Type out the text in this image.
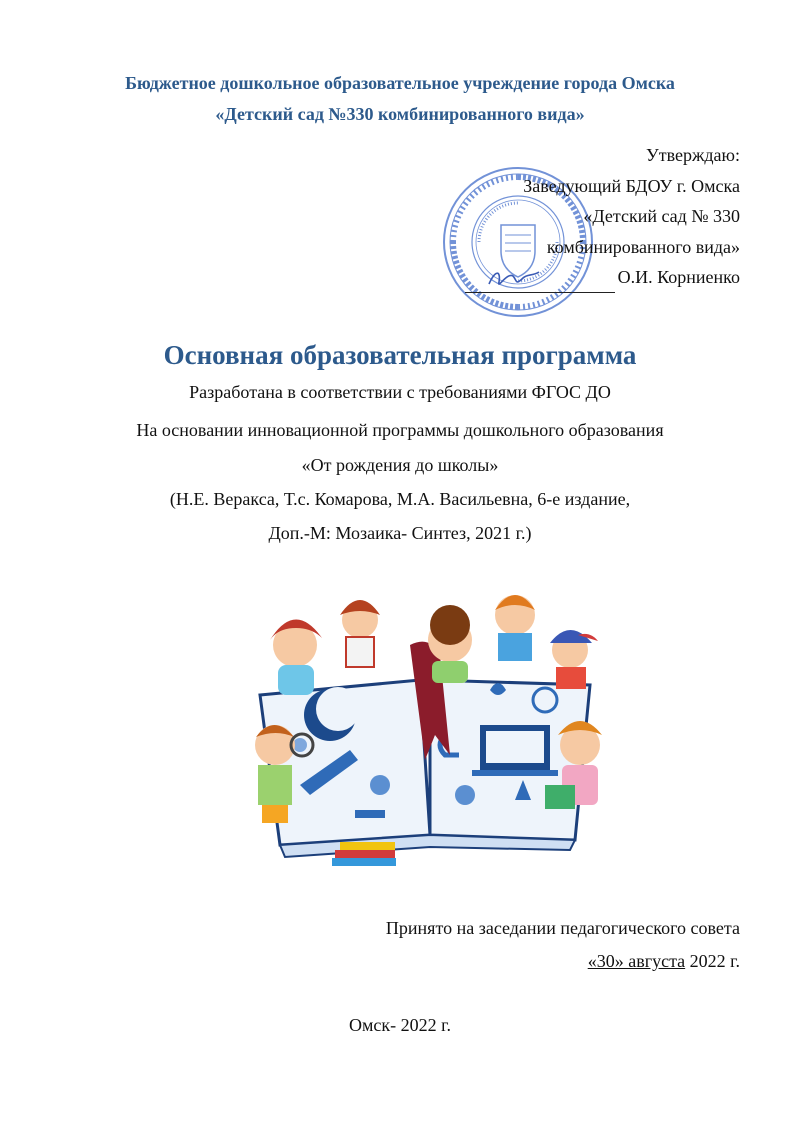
Бюджетное дошкольное образовательное учреждение города Омска
«Детский сад №330 комбинированного вида»
Утверждаю:
Заведующий БДОУ г. Омска
«Детский сад № 330
комбинированного вида»
О.И. Корниенко
Основная образовательная программа
Разработана в соответствии с требованиями ФГОС ДО
На основании инновационной программы дошкольного образования
«От рождения до школы»
(Н.Е. Веракса, Т.с. Комарова, М.А. Васильевна, 6-е издание,
Доп.-М: Мозаика- Синтез, 2021 г.)
Принято на заседании педагогического совета
«30» августа 2022 г.
Омск- 2022 г.
